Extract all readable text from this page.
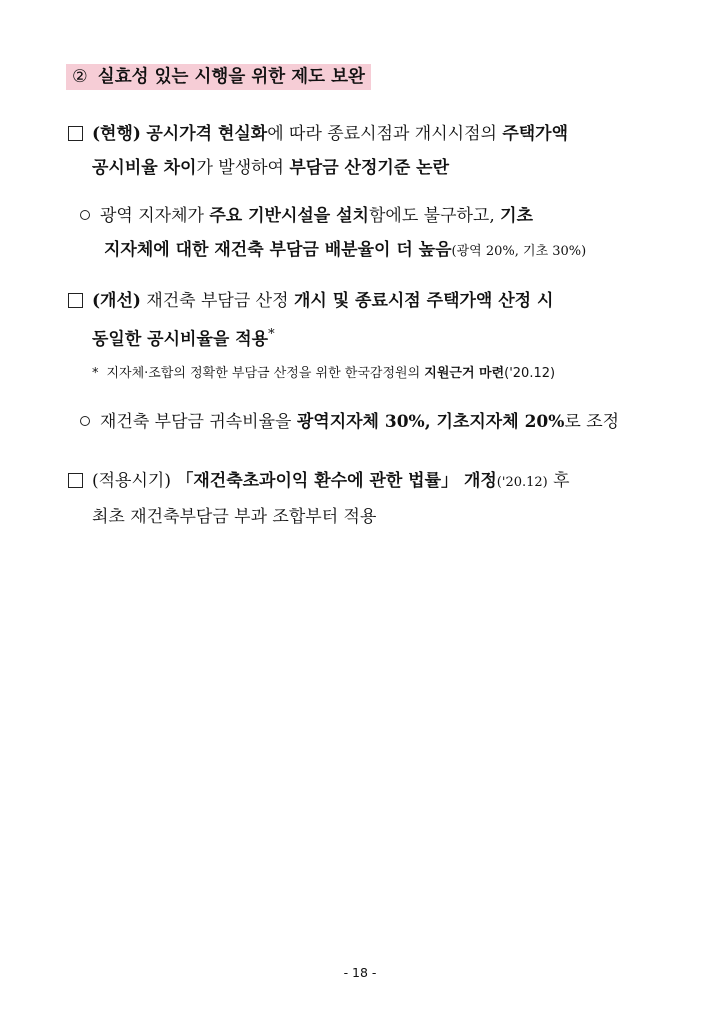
② 실효성 있는 시행을 위한 제도 보완
(현행) 공시가격 현실화에 따라 종료시점과 개시시점의 주택가액
공시비율 차이가 발생하여 부담금 산정기준 논란
광역 지자체가 주요 기반시설을 설치함에도 불구하고, 기초
지자체에 대한 재건축 부담금 배분율이 더 높음(광역 20%, 기초 30%)
(개선) 재건축 부담금 산정 개시 및 종료시점 주택가액 산정 시
동일한 공시비율을 적용*
* 지자체·조합의 정확한 부담금 산정을 위한 한국감정원의 지원근거 마련('20.12)
재건축 부담금 귀속비율을 광역지자체 30%, 기초지자체 20%로 조정
(적용시기) 「재건축초과이익 환수에 관한 법률」 개정('20.12) 후
최초 재건축부담금 부과 조합부터 적용
- 18 -
